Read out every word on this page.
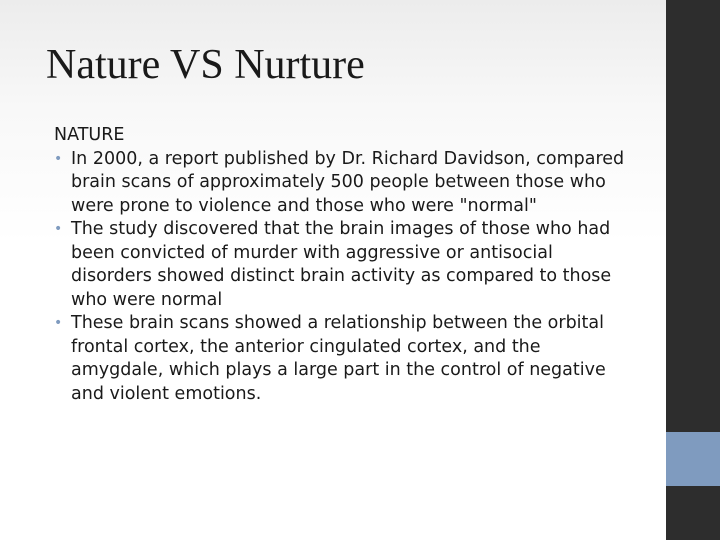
Nature VS Nurture

NATURE

• In 2000, a report published by Dr. Richard Davidson, compared brain scans of approximately 500 people between those who were prone to violence and those who were "normal"

• The study discovered that the brain images of those who had been convicted of murder with aggressive or antisocial disorders showed distinct brain activity as compared to those who were normal

• These brain scans showed a relationship between the orbital frontal cortex, the anterior cingulated cortex, and the amygdale, which plays a large part in the control of negative and violent emotions.
